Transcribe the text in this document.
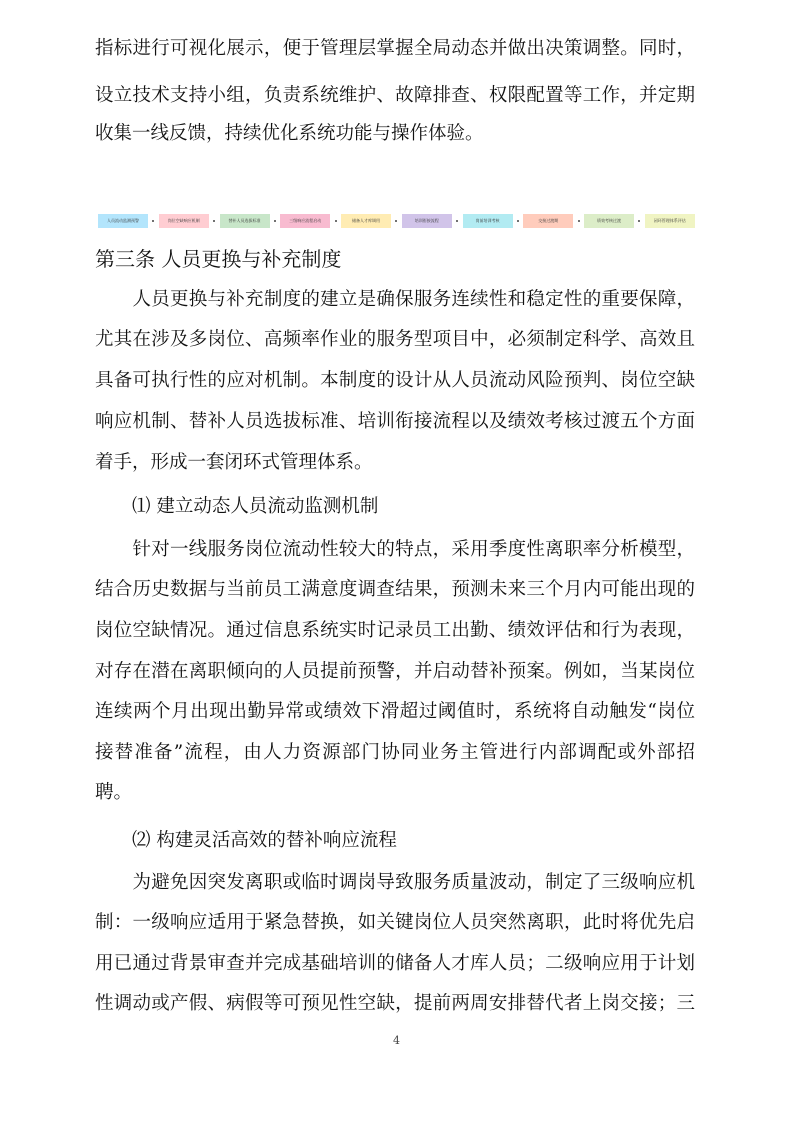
指标进行可视化展示，便于管理层掌握全局动态并做出决策调整。同时，
设立技术支持小组，负责系统维护、故障排查、权限配置等工作，并定期
收集一线反馈，持续优化系统功能与操作体验。
第三条 人员更换与补充制度
　　人员更换与补充制度的建立是确保服务连续性和稳定性的重要保障，
尤其在涉及多岗位、高频率作业的服务型项目中，必须制定科学、高效且
具备可执行性的应对机制。本制度的设计从人员流动风险预判、岗位空缺
响应机制、替补人员选拔标准、培训衔接流程以及绩效考核过渡五个方面
着手，形成一套闭环式管理体系。
　　⑴ 建立动态人员流动监测机制
　　针对一线服务岗位流动性较大的特点，采用季度性离职率分析模型，
结合历史数据与当前员工满意度调查结果，预测未来三个月内可能出现的
岗位空缺情况。通过信息系统实时记录员工出勤、绩效评估和行为表现，
对存在潜在离职倾向的人员提前预警，并启动替补预案。例如，当某岗位
连续两个月出现出勤异常或绩效下滑超过阈值时，系统将自动触发“岗位
接替准备”流程，由人力资源部门协同业务主管进行内部调配或外部招
聘。
　　⑵ 构建灵活高效的替补响应流程
　　为避免因突发离职或临时调岗导致服务质量波动，制定了三级响应机
制：一级响应适用于紧急替换，如关键岗位人员突然离职，此时将优先启
用已通过背景审查并完成基础培训的储备人才库人员；二级响应用于计划
性调动或产假、病假等可预见性空缺，提前两周安排替代者上岗交接；三
人员流动监测预警	岗位空缺响应机制	替补人员选拔标准	三级响应流程启动	储备人才库调用	培训衔接流程	岗前培训考核	交接过渡期	绩效考核过渡	闭环管理体系评估
4
